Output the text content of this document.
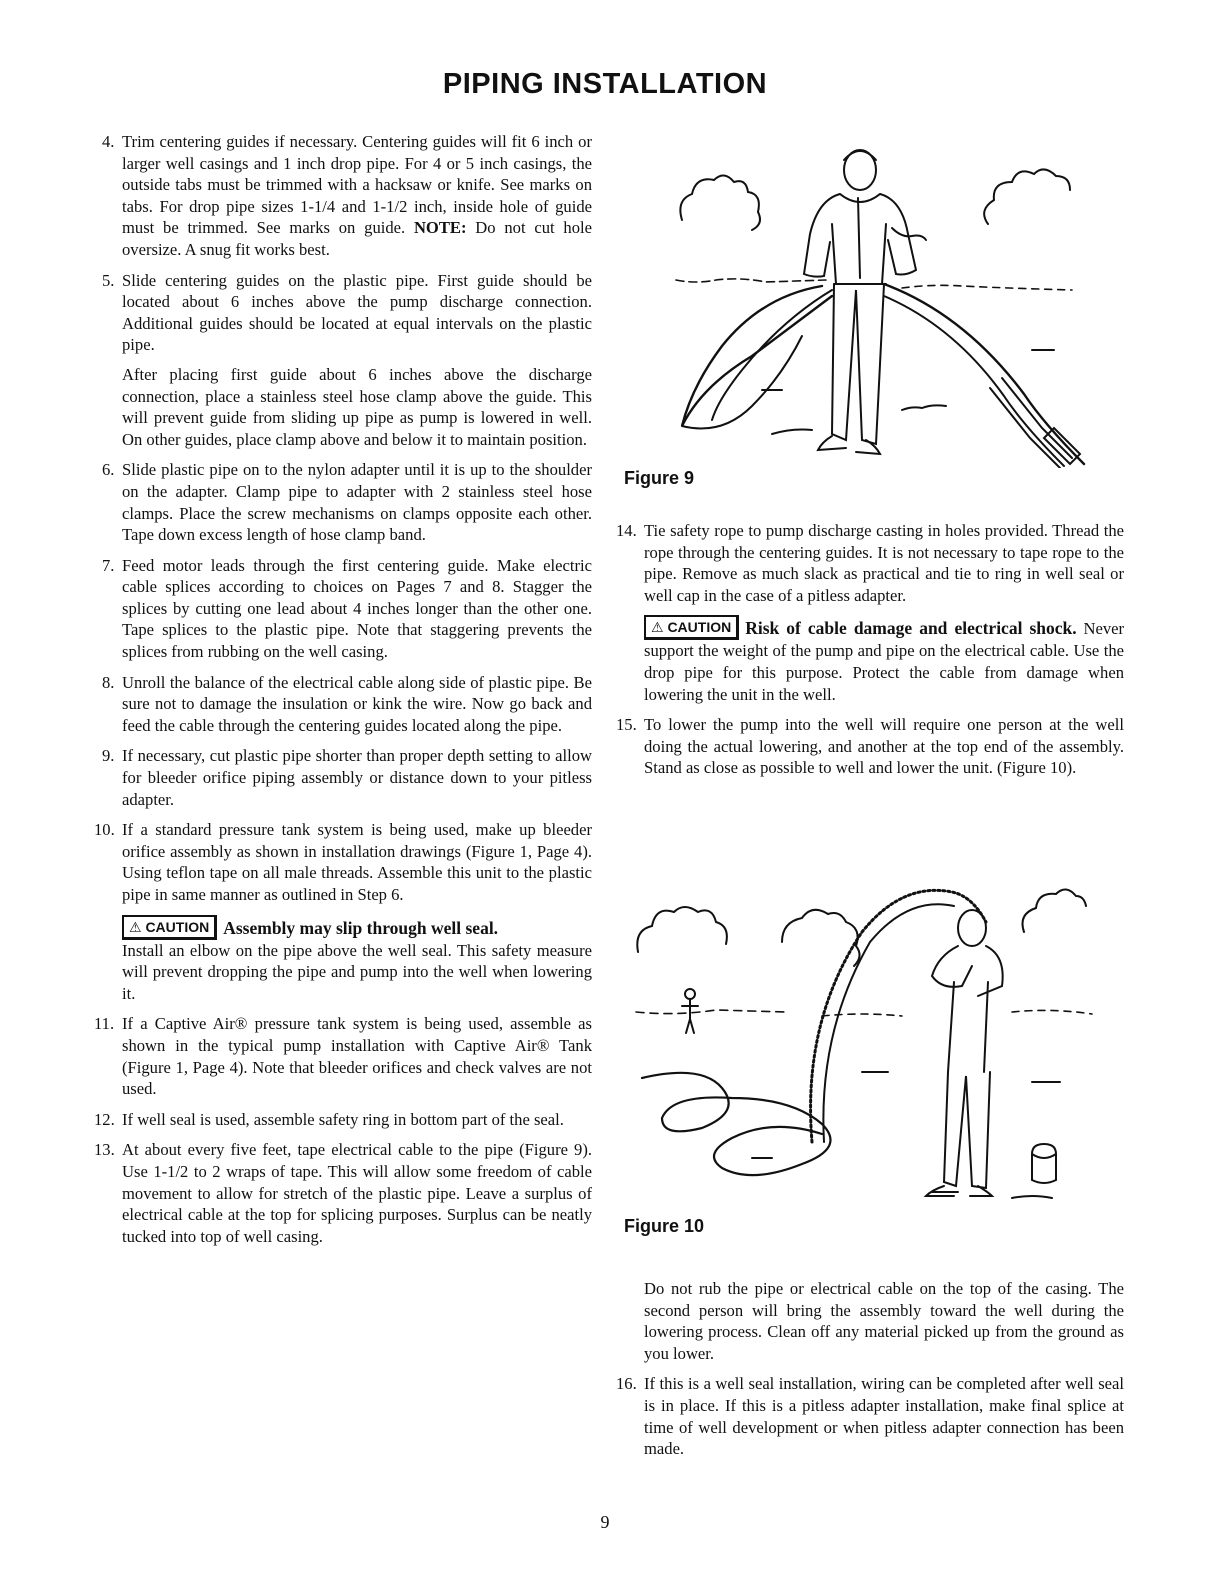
PIPING INSTALLATION
4. Trim centering guides if necessary. Centering guides will fit 6 inch or larger well casings and 1 inch drop pipe. For 4 or 5 inch casings, the outside tabs must be trimmed with a hacksaw or knife. See marks on tabs. For drop pipe sizes 1-1/4 and 1-1/2 inch, inside hole of guide must be trimmed. See marks on guide. NOTE: Do not cut hole oversize. A snug fit works best.

5. Slide centering guides on the plastic pipe. First guide should be located about 6 inches above the pump discharge connection. Additional guides should be located at equal intervals on the plastic pipe.

After placing first guide about 6 inches above the discharge connection, place a stainless steel hose clamp above the guide. This will prevent guide from sliding up pipe as pump is lowered in well. On other guides, place clamp above and below it to maintain position.

6. Slide plastic pipe on to the nylon adapter until it is up to the shoulder on the adapter. Clamp pipe to adapter with 2 stainless steel hose clamps. Place the screw mechanisms on clamps opposite each other. Tape down excess length of hose clamp band.

7. Feed motor leads through the first centering guide. Make electric cable splices according to choices on Pages 7 and 8. Stagger the splices by cutting one lead about 4 inches longer than the other one. Tape splices to the plastic pipe. Note that staggering prevents the splices from rubbing on the well casing.

8. Unroll the balance of the electrical cable along side of plastic pipe. Be sure not to damage the insulation or kink the wire. Now go back and feed the cable through the centering guides located along the pipe.

9. If necessary, cut plastic pipe shorter than proper depth setting to allow for bleeder orifice piping assembly or distance down to your pitless adapter.

10. If a standard pressure tank system is being used, make up bleeder orifice assembly as shown in installation drawings (Figure 1, Page 4). Using teflon tape on all male threads. Assemble this unit to the plastic pipe in same manner as outlined in Step 6.

⚠ CAUTION Assembly may slip through well seal.
Install an elbow on the pipe above the well seal. This safety measure will prevent dropping the pipe and pump into the well when lowering it.
11. If a Captive Air® pressure tank system is being used, assemble as shown in the typical pump installation with Captive Air® Tank (Figure 1, Page 4). Note that bleeder orifices and check valves are not used.

12. If well seal is used, assemble safety ring in bottom part of the seal.

13. At about every five feet, tape electrical cable to the pipe (Figure 9). Use 1-1/2 to 2 wraps of tape. This will allow some freedom of cable movement to allow for stretch of the plastic pipe. Leave a surplus of electrical cable at the top for splicing purposes. Surplus can be neatly tucked into top of well casing.

Figure 9
14. Tie safety rope to pump discharge casting in holes provided. Thread the rope through the centering guides. It is not necessary to tape rope to the pipe. Remove as much slack as practical and tie to ring in well seal or well cap in the case of a pitless adapter.

⚠ CAUTION Risk of cable damage and electrical shock. Never support the weight of the pump and pipe on the electrical cable. Use the drop pipe for this purpose. Protect the cable from damage when lowering the unit in the well.
15. To lower the pump into the well will require one person at the well doing the actual lowering, and another at the top end of the assembly. Stand as close as possible to well and lower the unit. (Figure 10).

Figure 10

Do not rub the pipe or electrical cable on the top of the casing. The second person will bring the assembly toward the well during the lowering process. Clean off any material picked up from the ground as you lower.

16. If this is a well seal installation, wiring can be completed after well seal is in place. If this is a pitless adapter installation, make final splice at time of well development or when pitless adapter connection has been made.

9
